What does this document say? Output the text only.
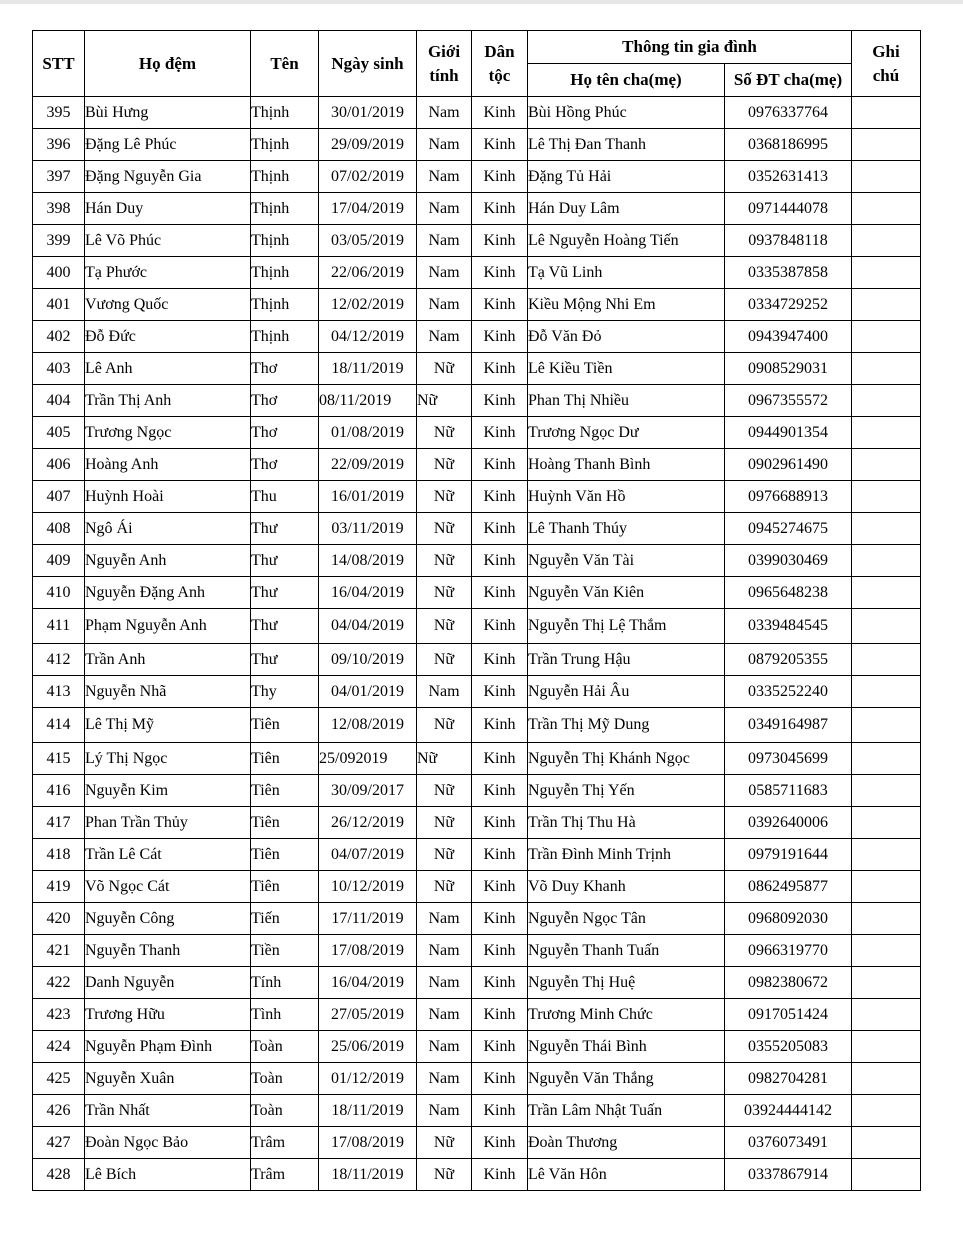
STT	Họ đệm	Tên	Ngày sinh	Giới
tính	Dân
tộc	Thông tin gia đình		Ghi
chú
						Họ tên cha(mẹ)	Số ĐT cha(mẹ)	
395	Bùi Hưng	Thịnh	30/01/2019	Nam	Kinh	Bùi Hồng Phúc	0976337764	
396	Đặng Lê Phúc	Thịnh	29/09/2019	Nam	Kinh	Lê Thị Đan Thanh	0368186995	
397	Đặng Nguyễn Gia	Thịnh	07/02/2019	Nam	Kinh	Đặng Tủ Hải	0352631413	
398	Hán Duy	Thịnh	17/04/2019	Nam	Kinh	Hán Duy Lâm	0971444078	
399	Lê Võ Phúc	Thịnh	03/05/2019	Nam	Kinh	Lê Nguyễn Hoàng Tiến	0937848118	
400	Tạ Phước	Thịnh	22/06/2019	Nam	Kinh	Tạ Vũ Linh	0335387858	
401	Vương Quốc	Thịnh	12/02/2019	Nam	Kinh	Kiều Mộng Nhi Em	0334729252	
402	Đỗ Đức	Thịnh	04/12/2019	Nam	Kinh	Đỗ Văn Đỏ	0943947400	
403	Lê Anh	Thơ	18/11/2019	Nữ	Kinh	Lê Kiều Tiền	0908529031	
404	Trần Thị Anh	Thơ	08/11/2019	Nữ	Kinh	Phan Thị Nhiều	0967355572	
405	Trương Ngọc	Thơ	01/08/2019	Nữ	Kinh	Trương Ngọc Dư	0944901354	
406	Hoàng Anh	Thơ	22/09/2019	Nữ	Kinh	Hoàng Thanh Bình	0902961490	
407	Huỳnh Hoài	Thu	16/01/2019	Nữ	Kinh	Huỳnh Văn Hồ	0976688913	
408	Ngô Ái	Thư	03/11/2019	Nữ	Kinh	Lê Thanh Thúy	0945274675	
409	Nguyễn Anh	Thư	14/08/2019	Nữ	Kinh	Nguyễn Văn Tài	0399030469	
410	Nguyễn Đặng Anh	Thư	16/04/2019	Nữ	Kinh	Nguyễn Văn Kiên	0965648238	
411	Phạm Nguyễn Anh	Thư	04/04/2019	Nữ	Kinh	Nguyễn Thị Lệ Thắm	0339484545	
412	Trần Anh	Thư	09/10/2019	Nữ	Kinh	Trần Trung Hậu	0879205355	
413	Nguyễn Nhã	Thy	04/01/2019	Nam	Kinh	Nguyễn Hải Âu	0335252240	
414	Lê Thị Mỹ	Tiên	12/08/2019	Nữ	Kinh	Trần Thị Mỹ Dung	0349164987	
415	Lý Thị Ngọc	Tiên	25/092019	Nữ	Kinh	Nguyễn Thị Khánh Ngọc	0973045699	
416	Nguyễn Kim	Tiên	30/09/2017	Nữ	Kinh	Nguyễn Thị Yến	0585711683	
417	Phan Trần Thủy	Tiên	26/12/2019	Nữ	Kinh	Trần Thị Thu Hà	0392640006	
418	Trần Lê Cát	Tiên	04/07/2019	Nữ	Kinh	Trần Đình Minh Trịnh	0979191644	
419	Võ Ngọc Cát	Tiên	10/12/2019	Nữ	Kinh	Võ Duy Khanh	0862495877	
420	Nguyễn Công	Tiến	17/11/2019	Nam	Kinh	Nguyễn Ngọc Tân	0968092030	
421	Nguyễn Thanh	Tiền	17/08/2019	Nam	Kinh	Nguyễn Thanh Tuấn	0966319770	
422	Danh Nguyễn	Tính	16/04/2019	Nam	Kinh	Nguyễn Thị Huệ	0982380672	
423	Trương Hữu	Tình	27/05/2019	Nam	Kinh	Trương Minh Chức	0917051424	
424	Nguyễn Phạm Đình	Toàn	25/06/2019	Nam	Kinh	Nguyễn Thái Bình	0355205083	
425	Nguyễn Xuân	Toàn	01/12/2019	Nam	Kinh	Nguyễn Văn Thắng	0982704281	
426	Trần Nhất	Toàn	18/11/2019	Nam	Kinh	Trần Lâm Nhật Tuấn	03924444142	
427	Đoàn Ngọc Bảo	Trâm	17/08/2019	Nữ	Kinh	Đoàn Thương	0376073491	
428	Lê Bích	Trâm	18/11/2019	Nữ	Kinh	Lê Văn Hôn	0337867914	
